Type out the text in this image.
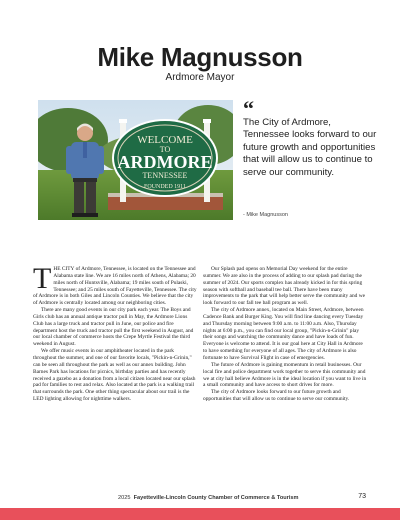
Mike Magnusson
Ardmore Mayor
WELCOME
TO
ARDMORE
TENNESSEE
FOUNDED 1911
“
The City of Ardmore, Tennessee looks forward to our future growth and opportunities that will allow us to continue to serve our community.
- Mike Magnusson

THE CITY of Ardmore, Tennessee, is located on the Tennessee and Alabama state line. We are 16 miles north of Athens, Alabama; 20 miles north of Huntsville, Alabama; 19 miles south of Pulaski, Tennessee; and 25 miles south of Fayetteville, Tennessee. The city of Ardmore is in both Giles and Lincoln Counties. We believe that the city of Ardmore is centrally located among our neighboring cities.

There are many good events in our city park each year. The Boys and Girls club has an annual antique tractor pull in May, the Ardmore Lions Club has a large truck and tractor pull in June, our police and fire department host the truck and tractor pull the first weekend in August, and our local chamber of commerce hosts the Crepe Myrtle Festival the third weekend in August.

We offer music events in our amphitheater located in the park throughout the summer, and one of our favorite locals, "Pickin-n-Grinin," can be seen all throughout the park as well as our annex building. John Barnes Park has locations for picnics, birthday parties and has recently received a gazebo as a donation from a local citizen located near our splash pad for families to rest and relax. Also located at the park is a walking trail that surrounds the park. One other thing spectacular about our trail is the LED lighting allowing for nighttime walkers.

Our Splash pad opens on Memorial Day weekend for the entire summer. We are also in the process of adding to our splash pad during the summer of 2024. Our sports complex has already kicked in for this spring season with softball and baseball tee ball. There have been many improvements to the park that will help better serve the community and we look forward to our fall tee ball program as well.

The city of Ardmore annex, located on Main Street, Ardmore, between Cadence Bank and Burger King. You will find line dancing every Tuesday and Thursday morning between 9:00 a.m. to 11:00 a.m. Also, Thursday nights at 6:00 p.m., you can find our local group, "Pickin-n-Grinin" play their songs and watching the community dance and have loads of fun. Everyone is welcome to attend. It is our goal here at City Hall in Ardmore to have something for everyone of all ages. The city of Ardmore is also fortunate to have Survival Flight in case of emergencies.

The future of Ardmore is gaining momentum in retail businesses. Our local fire and police department work together to serve this community and we at city hall believe Ardmore is in the ideal location if you want to live in a small community and have access to short drives for more.

The city of Ardmore looks forward to our future growth and opportunities that will allow us to continue to serve our community.

2025 Fayetteville-Lincoln County Chamber of Commerce & Tourism	73
